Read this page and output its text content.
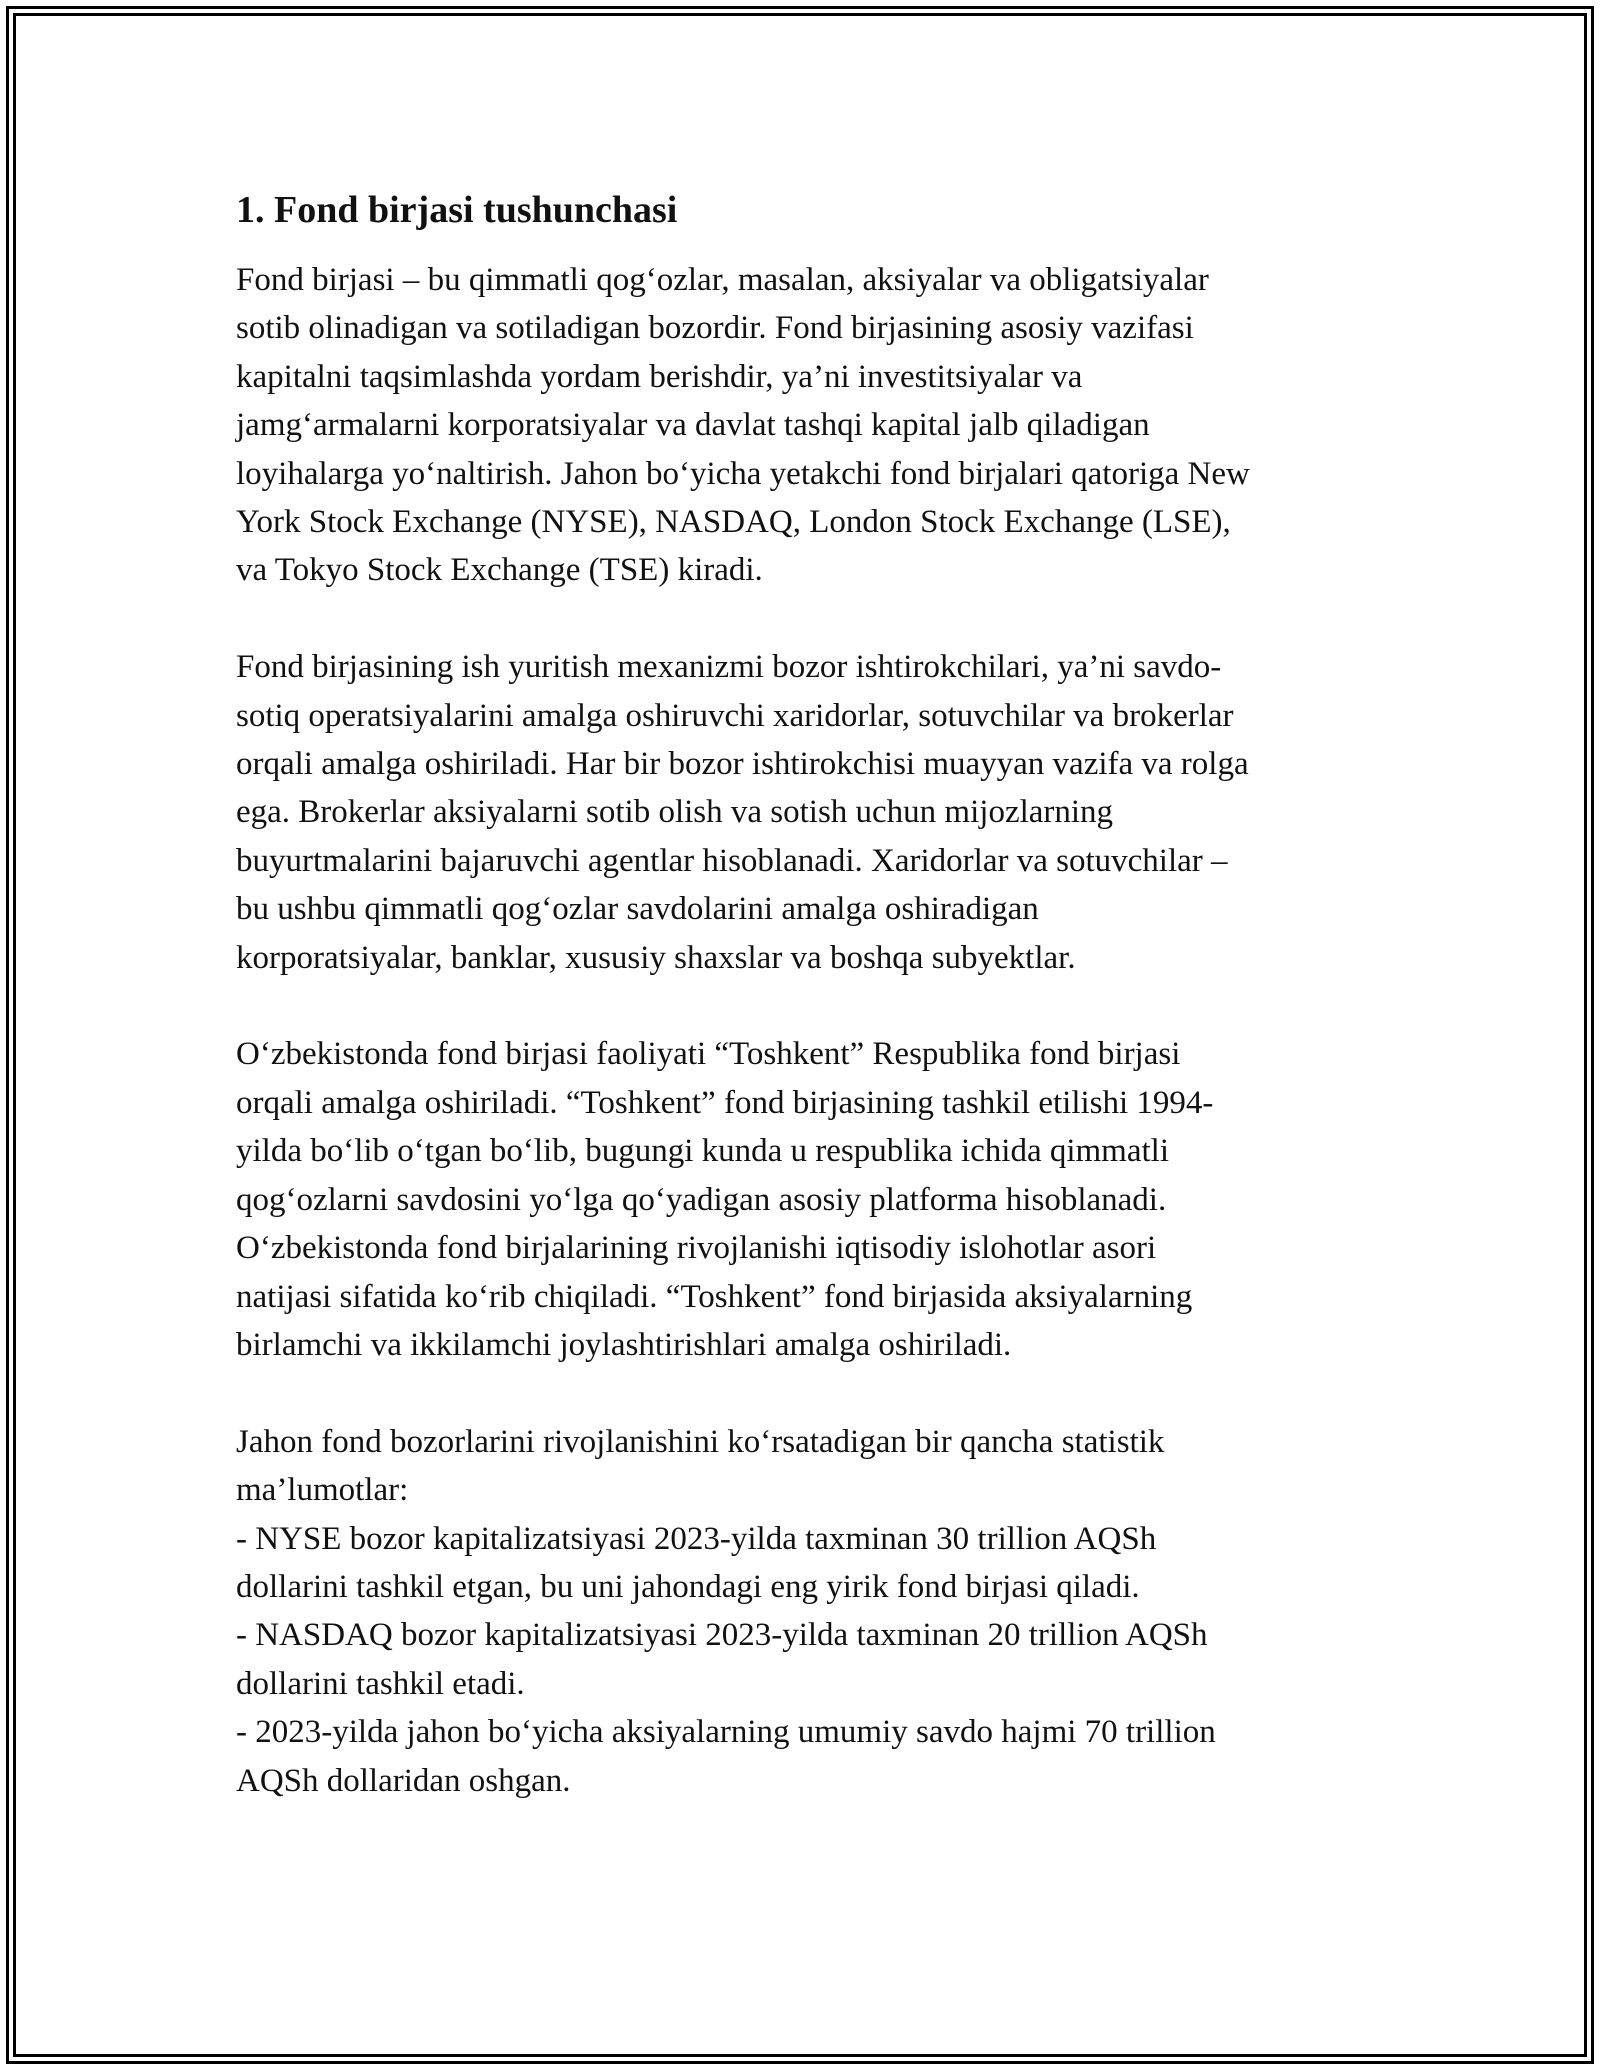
1. Fond birjasi tushunchasi

Fond birjasi – bu qimmatli qog‘ozlar, masalan, aksiyalar va obligatsiyalar
sotib olinadigan va sotiladigan bozordir. Fond birjasining asosiy vazifasi
kapitalni taqsimlashda yordam berishdir, ya’ni investitsiyalar va
jamg‘armalarni korporatsiyalar va davlat tashqi kapital jalb qiladigan
loyihalarga yo‘naltirish. Jahon bo‘yicha yetakchi fond birjalari qatoriga New
York Stock Exchange (NYSE), NASDAQ, London Stock Exchange (LSE),
va Tokyo Stock Exchange (TSE) kiradi.

Fond birjasining ish yuritish mexanizmi bozor ishtirokchilari, ya’ni savdo-
sotiq operatsiyalarini amalga oshiruvchi xaridorlar, sotuvchilar va brokerlar
orqali amalga oshiriladi. Har bir bozor ishtirokchisi muayyan vazifa va rolga
ega. Brokerlar aksiyalarni sotib olish va sotish uchun mijozlarning
buyurtmalarini bajaruvchi agentlar hisoblanadi. Xaridorlar va sotuvchilar –
bu ushbu qimmatli qog‘ozlar savdolarini amalga oshiradigan
korporatsiyalar, banklar, xususiy shaxslar va boshqa subyektlar.

O‘zbekistonda fond birjasi faoliyati “Toshkent” Respublika fond birjasi
orqali amalga oshiriladi. “Toshkent” fond birjasining tashkil etilishi 1994-
yilda bo‘lib o‘tgan bo‘lib, bugungi kunda u respublika ichida qimmatli
qog‘ozlarni savdosini yo‘lga qo‘yadigan asosiy platforma hisoblanadi.
O‘zbekistonda fond birjalarining rivojlanishi iqtisodiy islohotlar asori
natijasi sifatida ko‘rib chiqiladi. “Toshkent” fond birjasida aksiyalarning
birlamchi va ikkilamchi joylashtirishlari amalga oshiriladi.

Jahon fond bozorlarini rivojlanishini ko‘rsatadigan bir qancha statistik
ma’lumotlar:
- NYSE bozor kapitalizatsiyasi 2023-yilda taxminan 30 trillion AQSh
dollarini tashkil etgan, bu uni jahondagi eng yirik fond birjasi qiladi.
- NASDAQ bozor kapitalizatsiyasi 2023-yilda taxminan 20 trillion AQSh
dollarini tashkil etadi.
- 2023-yilda jahon bo‘yicha aksiyalarning umumiy savdo hajmi 70 trillion
AQSh dollaridan oshgan.
